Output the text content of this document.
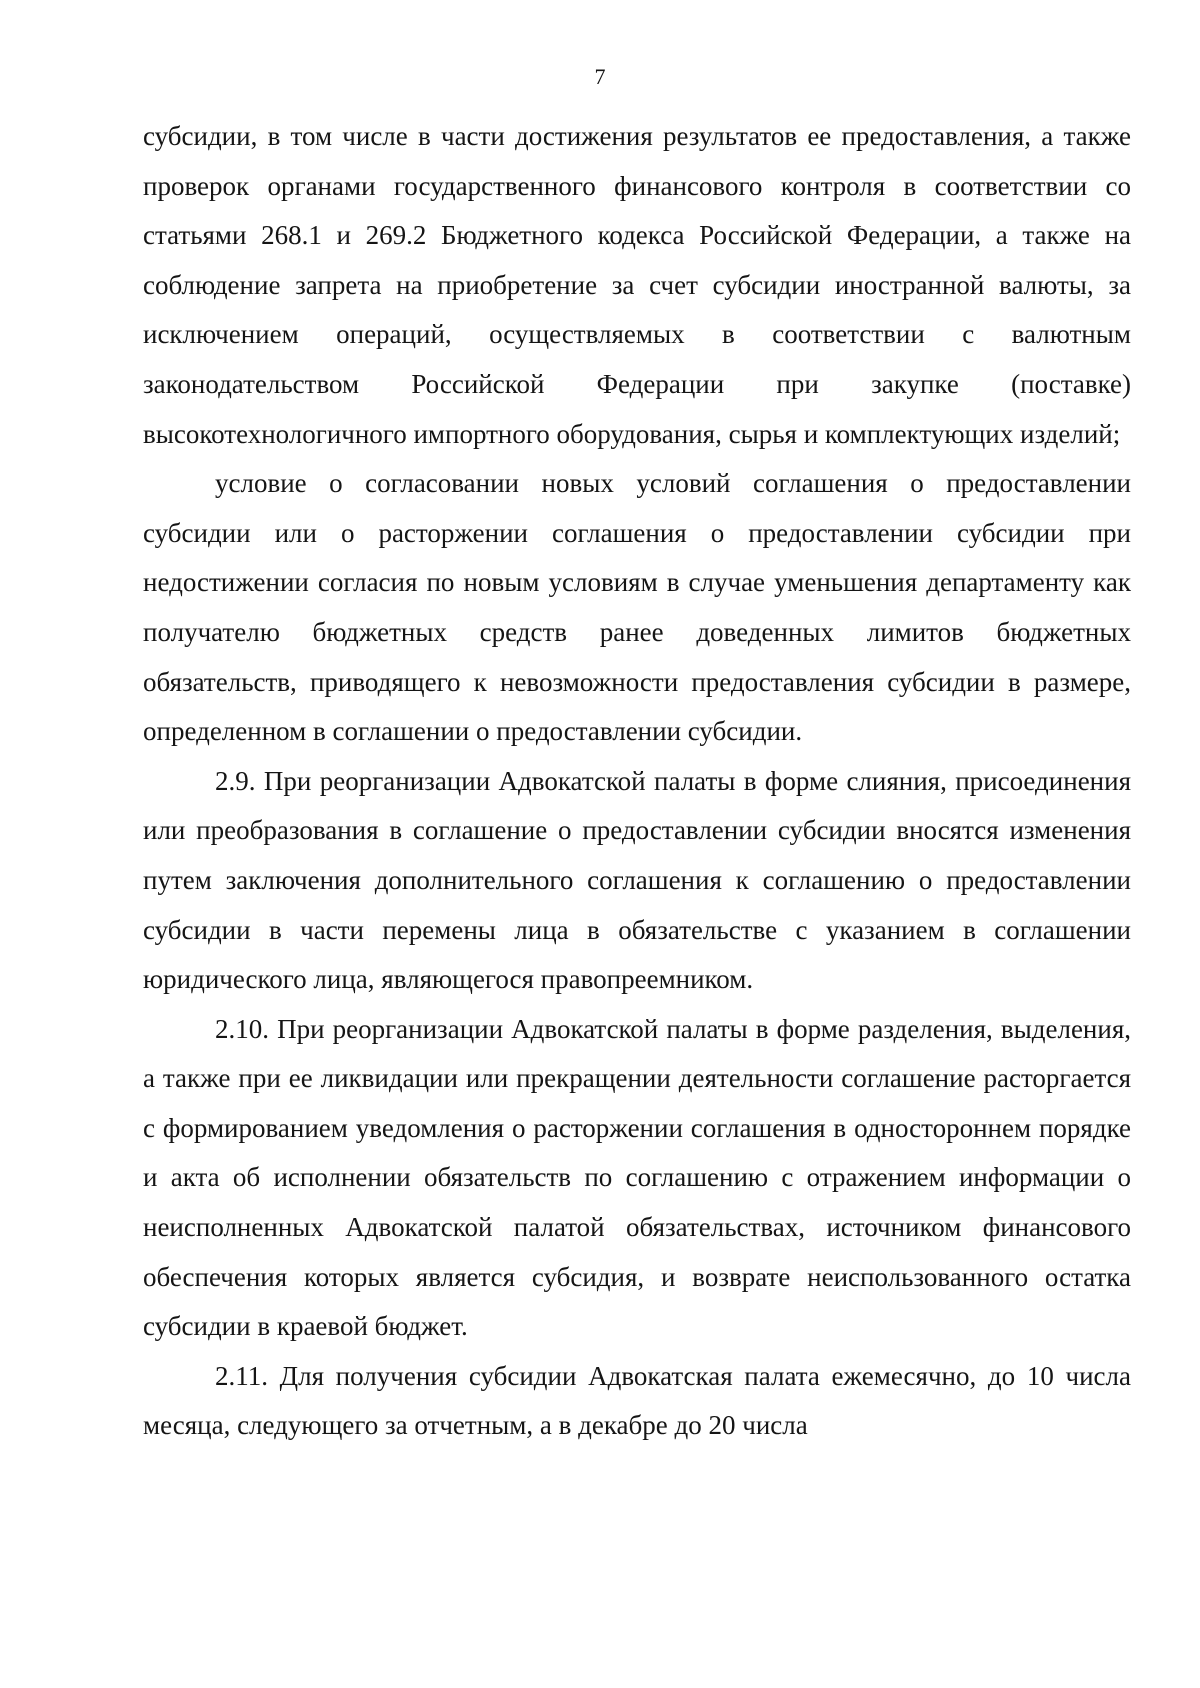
7

субсидии, в том числе в части достижения результатов ее предоставления, а также проверок органами государственного финансового контроля в соответствии со статьями 268.1 и 269.2 Бюджетного кодекса Российской Федерации, а также на соблюдение запрета на приобретение за счет субсидии иностранной валюты, за исключением операций, осуществляемых в соответствии с валютным законодательством Российской Федерации при закупке (поставке) высокотехнологичного импортного оборудования, сырья и комплектующих изделий;

условие о согласовании новых условий соглашения о предоставлении субсидии или о расторжении соглашения о предоставлении субсидии при недостижении согласия по новым условиям в случае уменьшения департаменту как получателю бюджетных средств ранее доведенных лимитов бюджетных обязательств, приводящего к невозможности предоставления субсидии в размере, определенном в соглашении о предоставлении субсидии.

2.9. При реорганизации Адвокатской палаты в форме слияния, присоединения или преобразования в соглашение о предоставлении субсидии вносятся изменения путем заключения дополнительного соглашения к соглашению о предоставлении субсидии в части перемены лица в обязательстве с указанием в соглашении юридического лица, являющегося правопреемником.

2.10. При реорганизации Адвокатской палаты в форме разделения, выделения, а также при ее ликвидации или прекращении деятельности соглашение расторгается с формированием уведомления о расторжении соглашения в одностороннем порядке и акта об исполнении обязательств по соглашению с отражением информации о неисполненных Адвокатской палатой обязательствах, источником финансового обеспечения которых является субсидия, и возврате неиспользованного остатка субсидии в краевой бюджет.

2.11. Для получения субсидии Адвокатская палата ежемесячно, до 10 числа месяца, следующего за отчетным, а в декабре до 20 числа
